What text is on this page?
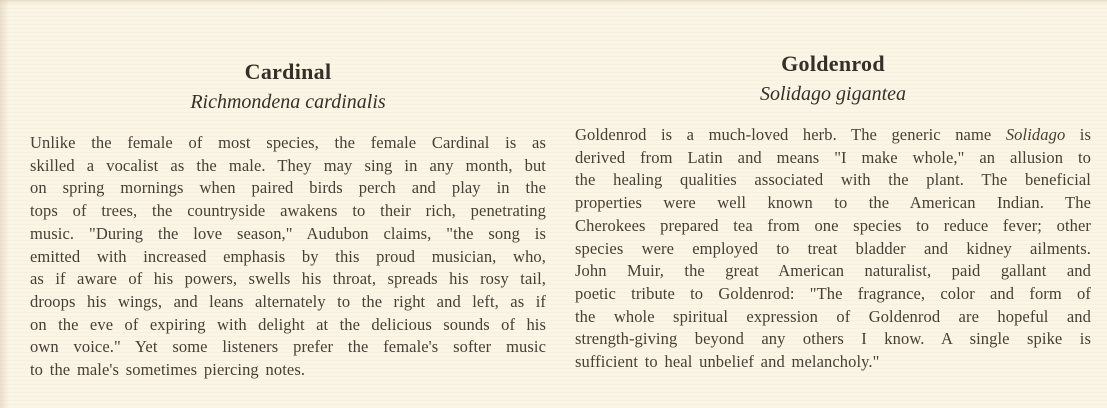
Cardinal
Richmondena cardinalis
Unlike the female of most species, the female Cardinal is as
skilled a vocalist as the male. They may sing in any month, but
on spring mornings when paired birds perch and play in the
tops of trees, the countryside awakens to their rich, penetrating
music. "During the love season," Audubon claims, "the song is
emitted with increased emphasis by this proud musician, who,
as if aware of his powers, swells his throat, spreads his rosy tail,
droops his wings, and leans alternately to the right and left, as if
on the eve of expiring with delight at the delicious sounds of his
own voice." Yet some listeners prefer the female's softer music
to the male's sometimes piercing notes.
Goldenrod
Solidago gigantea
Goldenrod is a much-loved herb. The generic name Solidago is
derived from Latin and means "I make whole," an allusion to
the healing qualities associated with the plant. The beneficial
properties were well known to the American Indian. The
Cherokees prepared tea from one species to reduce fever; other
species were employed to treat bladder and kidney ailments.
John Muir, the great American naturalist, paid gallant and
poetic tribute to Goldenrod: "The fragrance, color and form of
the whole spiritual expression of Goldenrod are hopeful and
strength-giving beyond any others I know. A single spike is
sufficient to heal unbelief and melancholy."
